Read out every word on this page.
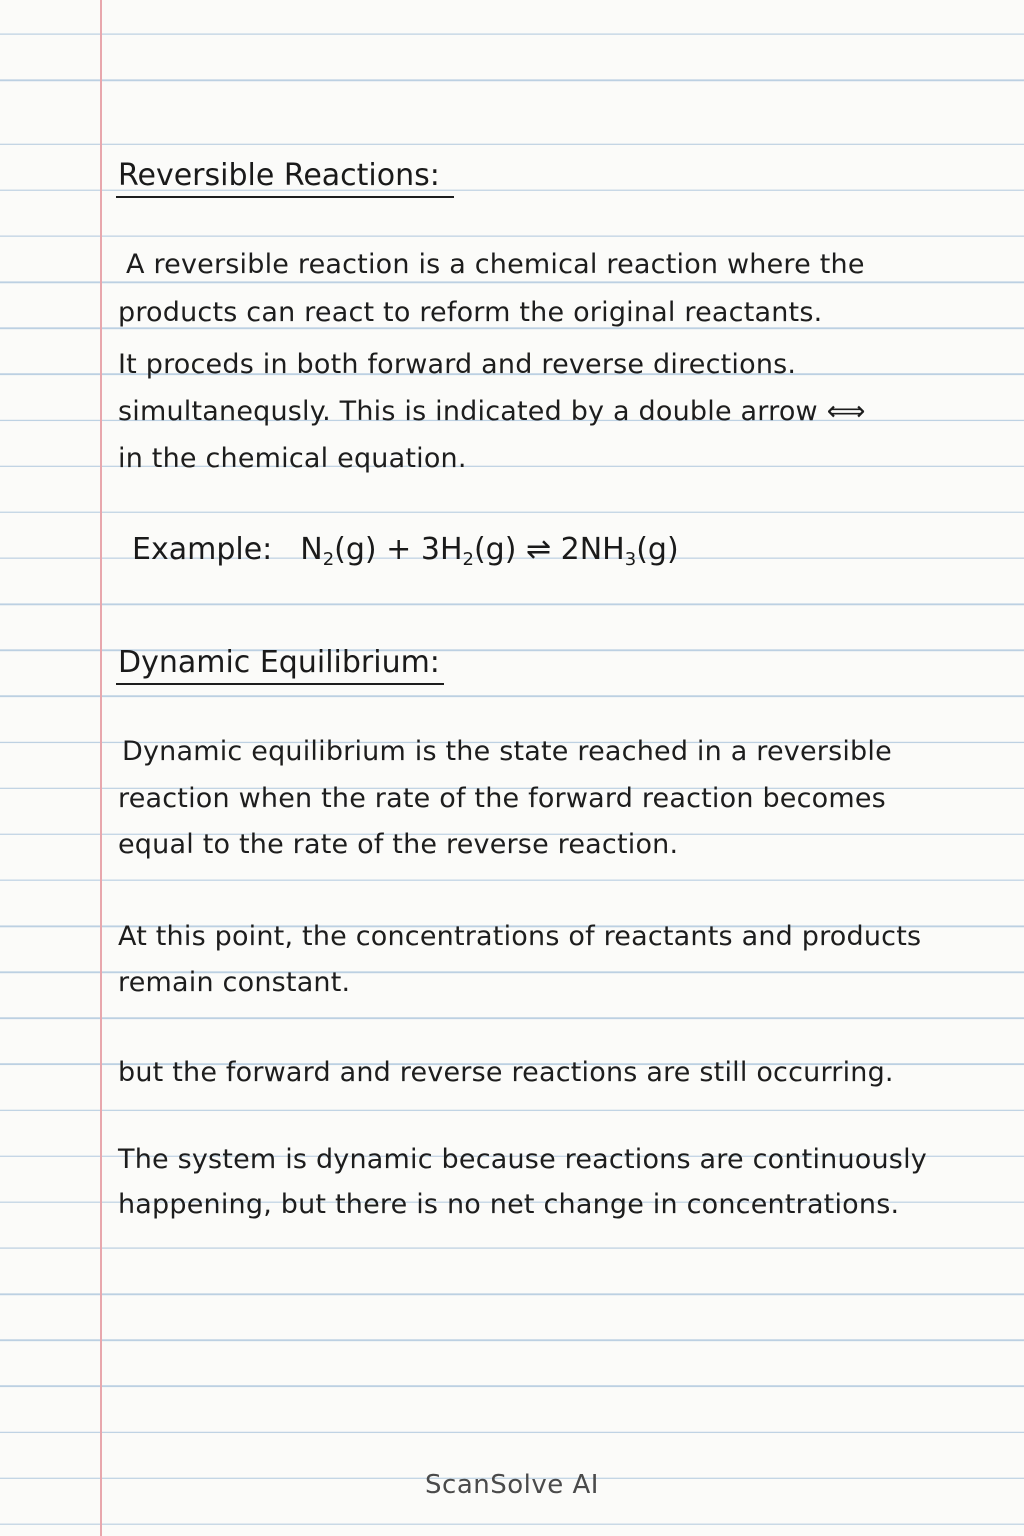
Reversible Reactions:
A reversible reaction is a chemical reaction where the
products can react to reform the original reactants.
It proceds in both forward and reverse directions.
simultanequsly. This is indicated by a double arrow ⟺
in the chemical equation.
Example: $N_2(g) + 3H_2(g)$ ⇌ $2NH_3(g)$
Dynamic Equilibrium:
Dynamic equilibrium is the state reached in a reversible
reaction when the rate of the forward reaction becomes
equal to the rate of the reverse reaction.
At this point, the concentrations of reactants and products
remain constant.
but the forward and reverse reactions are still occurring.
The system is dynamic because reactions are continuously
happening, but there is no net change in concentrations.
ScanSolve AI
